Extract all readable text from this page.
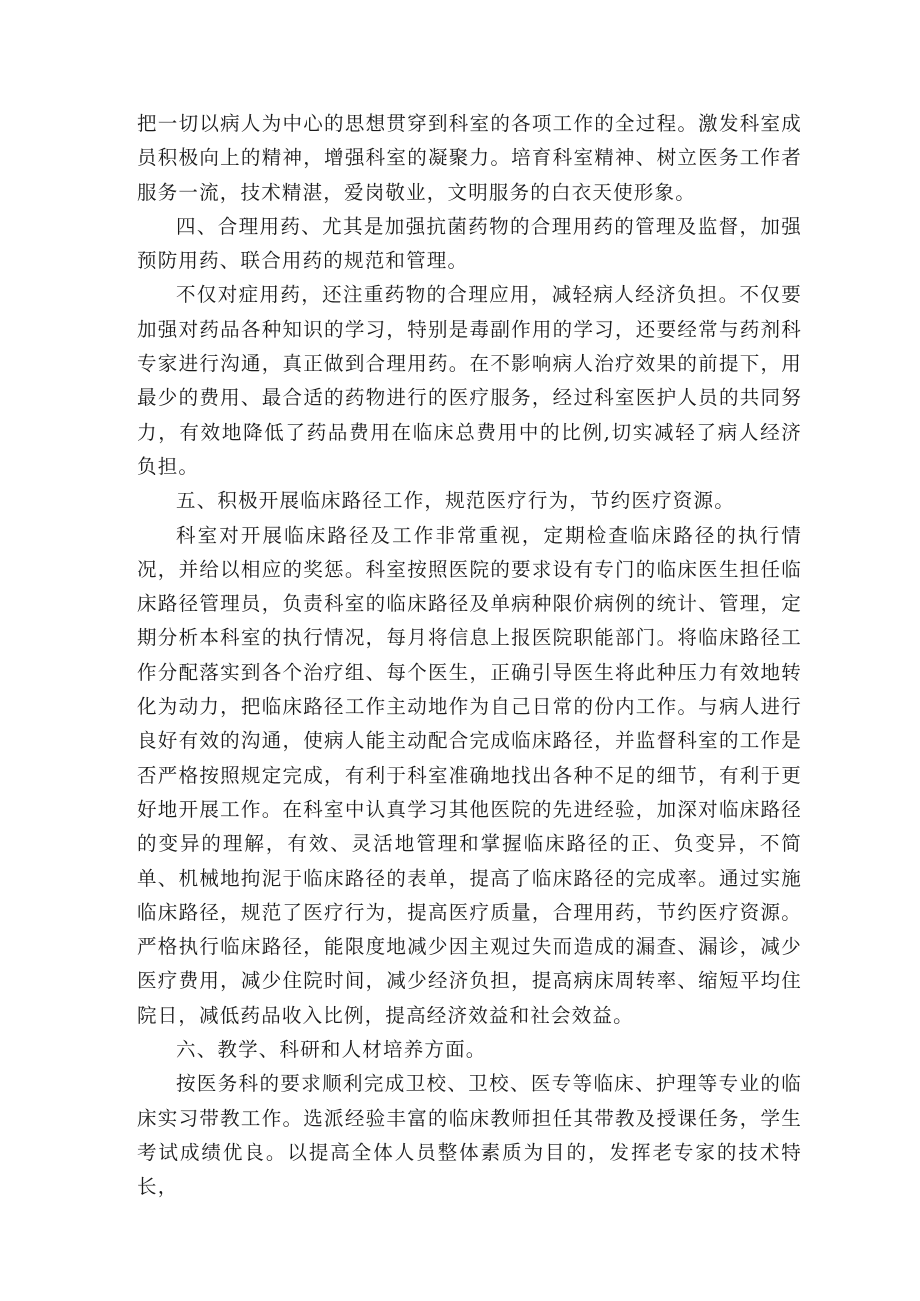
把一切以病人为中心的思想贯穿到科室的各项工作的全过程。激发科室成员积极向上的精神，增强科室的凝聚力。培育科室精神、树立医务工作者服务一流，技术精湛，爱岗敬业，文明服务的白衣天使形象。

四、合理用药、尤其是加强抗菌药物的合理用药的管理及监督，加强预防用药、联合用药的规范和管理。

不仅对症用药，还注重药物的合理应用，减轻病人经济负担。不仅要加强对药品各种知识的学习，特别是毒副作用的学习，还要经常与药剂科专家进行沟通，真正做到合理用药。在不影响病人治疗效果的前提下，用最少的费用、最合适的药物进行的医疗服务，经过科室医护人员的共同努力，有效地降低了药品费用在临床总费用中的比例,切实减轻了病人经济负担。

五、积极开展临床路径工作，规范医疗行为，节约医疗资源。

科室对开展临床路径及工作非常重视，定期检查临床路径的执行情况，并给以相应的奖惩。科室按照医院的要求设有专门的临床医生担任临床路径管理员，负责科室的临床路径及单病种限价病例的统计、管理，定期分析本科室的执行情况，每月将信息上报医院职能部门。将临床路径工作分配落实到各个治疗组、每个医生，正确引导医生将此种压力有效地转化为动力，把临床路径工作主动地作为自己日常的份内工作。与病人进行良好有效的沟通，使病人能主动配合完成临床路径，并监督科室的工作是否严格按照规定完成，有利于科室准确地找出各种不足的细节，有利于更好地开展工作。在科室中认真学习其他医院的先进经验，加深对临床路径的变异的理解，有效、灵活地管理和掌握临床路径的正、负变异，不简单、机械地拘泥于临床路径的表单，提高了临床路径的完成率。通过实施临床路径，规范了医疗行为，提高医疗质量，合理用药，节约医疗资源。严格执行临床路径，能限度地减少因主观过失而造成的漏查、漏诊，减少医疗费用，减少住院时间，减少经济负担，提高病床周转率、缩短平均住院日，减低药品收入比例，提高经济效益和社会效益。

六、教学、科研和人材培养方面。

按医务科的要求顺利完成卫校、卫校、医专等临床、护理等专业的临床实习带教工作。选派经验丰富的临床教师担任其带教及授课任务，学生考试成绩优良。以提高全体人员整体素质为目的，发挥老专家的技术特长，
